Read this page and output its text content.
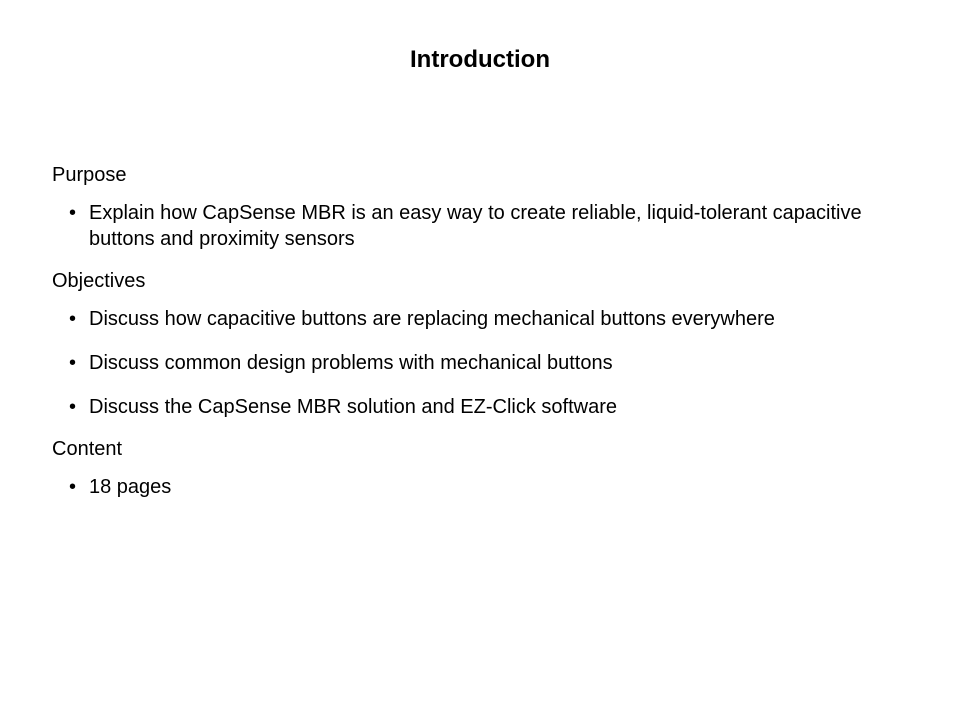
Introduction
Purpose
• Explain how CapSense MBR is an easy way to create reliable, liquid-tolerant capacitive buttons and proximity sensors
Objectives
• Discuss how capacitive buttons are replacing mechanical buttons everywhere
• Discuss common design problems with mechanical buttons
• Discuss the CapSense MBR solution and EZ-Click software
Content
• 18 pages
